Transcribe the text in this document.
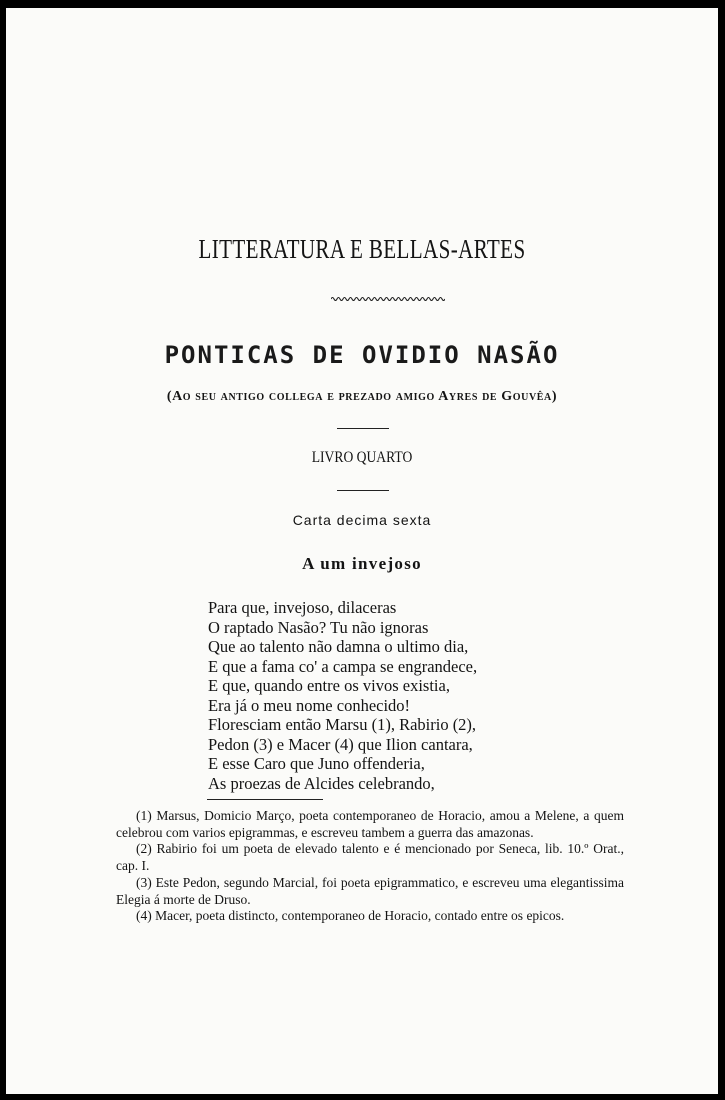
LITTERATURA E BELLAS-ARTES
PONTICAS DE OVIDIO NASÃO
(Ao seu antigo collega e prezado amigo Ayres de Gouvêa)
LIVRO QUARTO
Carta decima sexta
A um invejoso
Para que, invejoso, dilaceras
O raptado Nasão? Tu não ignoras
Que ao talento não damna o ultimo dia,
E que a fama co' a campa se engrandece,
E que, quando entre os vivos existia,
Era já o meu nome conhecido!
Floresciam então Marsu (1), Rabirio (2),
Pedon (3) e Macer (4) que Ilion cantara,
E esse Caro que Juno offenderia,
As proezas de Alcides celebrando,
(1) Marsus, Domicio Março, poeta contemporaneo de Horacio, amou a Melene, a quem celebrou com varios epigrammas, e escreveu tambem a guerra das amazonas.
(2) Rabirio foi um poeta de elevado talento e é mencionado por Seneca, lib. 10.º Orat., cap. I.
(3) Este Pedon, segundo Marcial, foi poeta epigrammatico, e escreveu uma elegantissima Elegia á morte de Druso.
(4) Macer, poeta distincto, contemporaneo de Horacio, contado entre os epicos.
